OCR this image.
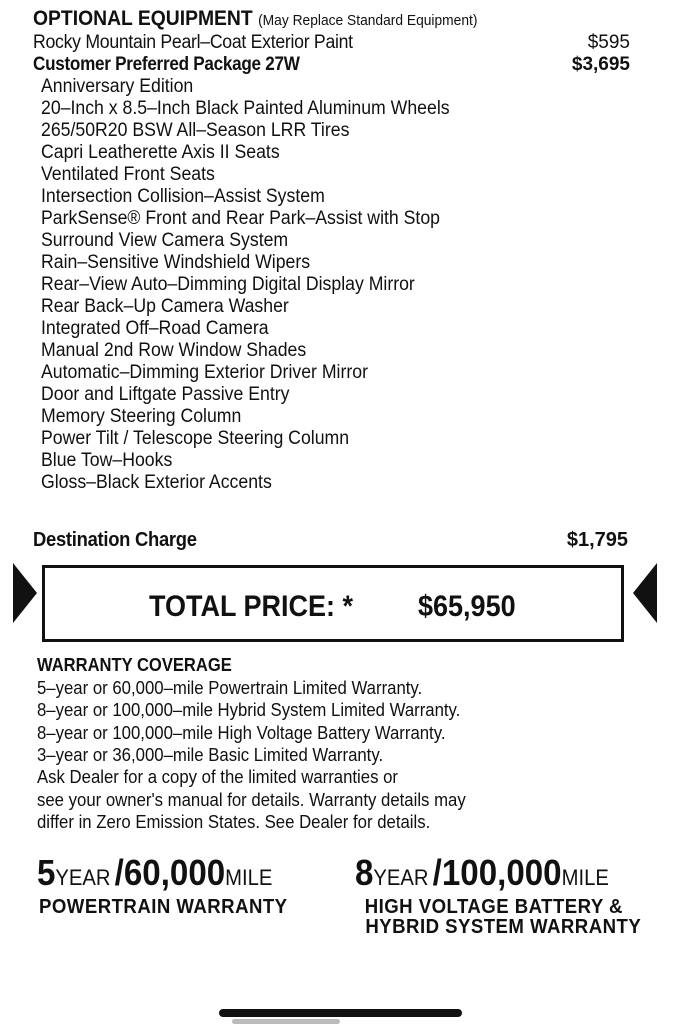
OPTIONAL EQUIPMENT (May Replace Standard Equipment)
Rocky Mountain Pearl–Coat Exterior Paint	$595
Customer Preferred Package 27W	$3,695
Anniversary Edition
20–Inch x 8.5–Inch Black Painted Aluminum Wheels
265/50R20 BSW All–Season LRR Tires
Capri Leatherette Axis II Seats
Ventilated Front Seats
Intersection Collision–Assist System
ParkSense® Front and Rear Park–Assist with Stop
Surround View Camera System
Rain–Sensitive Windshield Wipers
Rear–View Auto–Dimming Digital Display Mirror
Rear Back–Up Camera Washer
Integrated Off–Road Camera
Manual 2nd Row Window Shades
Automatic–Dimming Exterior Driver Mirror
Door and Liftgate Passive Entry
Memory Steering Column
Power Tilt / Telescope Steering Column
Blue Tow–Hooks
Gloss–Black Exterior Accents
Destination Charge	$1,795
TOTAL PRICE: * $65,950
WARRANTY COVERAGE
5–year or 60,000–mile Powertrain Limited Warranty.
8–year or 100,000–mile Hybrid System Limited Warranty.
8–year or 100,000–mile High Voltage Battery Warranty.
3–year or 36,000–mile Basic Limited Warranty.
Ask Dealer for a copy of the limited warranties or
see your owner's manual for details. Warranty details may
differ in Zero Emission States. See Dealer for details.
5YEAR /60,000MILE
POWERTRAIN WARRANTY
8YEAR /100,000MILE
HIGH VOLTAGE BATTERY &
HYBRID SYSTEM WARRANTY
